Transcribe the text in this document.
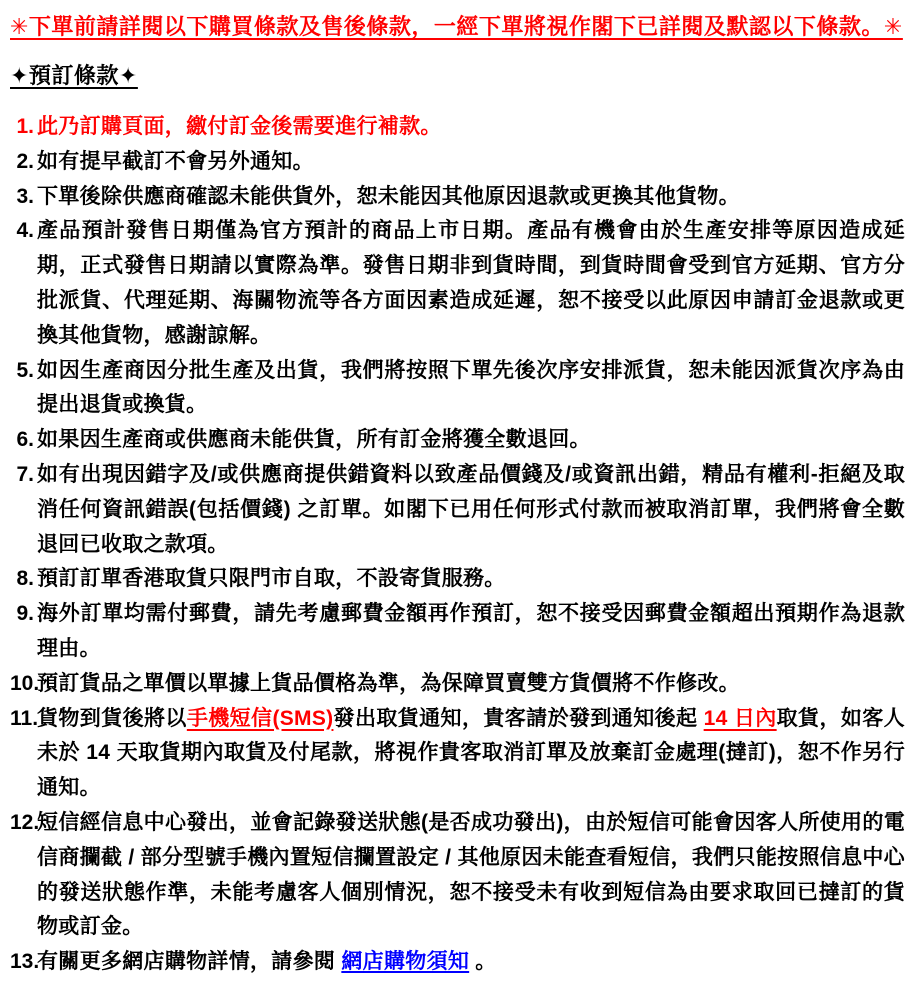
✳下單前請詳閱以下購買條款及售後條款，一經下單將視作閣下已詳閱及默認以下條款。✳

✦預訂條款✦

1. 此乃訂購頁面，繳付訂金後需要進行補款。
2. 如有提早截訂不會另外通知。
3. 下單後除供應商確認未能供貨外，恕未能因其他原因退款或更換其他貨物。
4. 產品預計發售日期僅為官方預計的商品上市日期。產品有機會由於生產安排等原因造成延期，正式發售日期請以實際為準。發售日期非到貨時間，到貨時間會受到官方延期、官方分批派貨、代理延期、海關物流等各方面因素造成延遲，恕不接受以此原因申請訂金退款或更換其他貨物，感謝諒解。
5. 如因生產商因分批生產及出貨，我們將按照下單先後次序安排派貨，恕未能因派貨次序為由提出退貨或換貨。
6. 如果因生產商或供應商未能供貨，所有訂金將獲全數退回。
7. 如有出現因錯字及/或供應商提供錯資料以致產品價錢及/或資訊出錯，精品有權利-拒絕及取消任何資訊錯誤(包括價錢) 之訂單。如閣下已用任何形式付款而被取消訂單，我們將會全數退回已收取之款項。
8. 預訂訂單香港取貨只限門市自取，不設寄貨服務。
9. 海外訂單均需付郵費，請先考慮郵費金額再作預訂，恕不接受因郵費金額超出預期作為退款理由。
10.
預訂貨品之單價以單據上貨品價格為準，為保障買賣雙方貨價將不作修改。
11.
貨物到貨後將以手機短信(SMS)發出取貨通知，貴客請於發到通知後起 14 日內取貨，如客人未於 14 天取貨期內取貨及付尾款，將視作貴客取消訂單及放棄訂金處理(撻訂)，恕不作另行通知。
12.
短信經信息中心發出，並會記錄發送狀態(是否成功發出)，由於短信可能會因客人所使用的電信商攔截 / 部分型號手機內置短信攔置設定 / 其他原因未能查看短信，我們只能按照信息中心的發送狀態作準，未能考慮客人個別情況，恕不接受未有收到短信為由要求取回已撻訂的貨物或訂金。
13.
有關更多網店購物詳情，請參閱 網店購物須知 。
